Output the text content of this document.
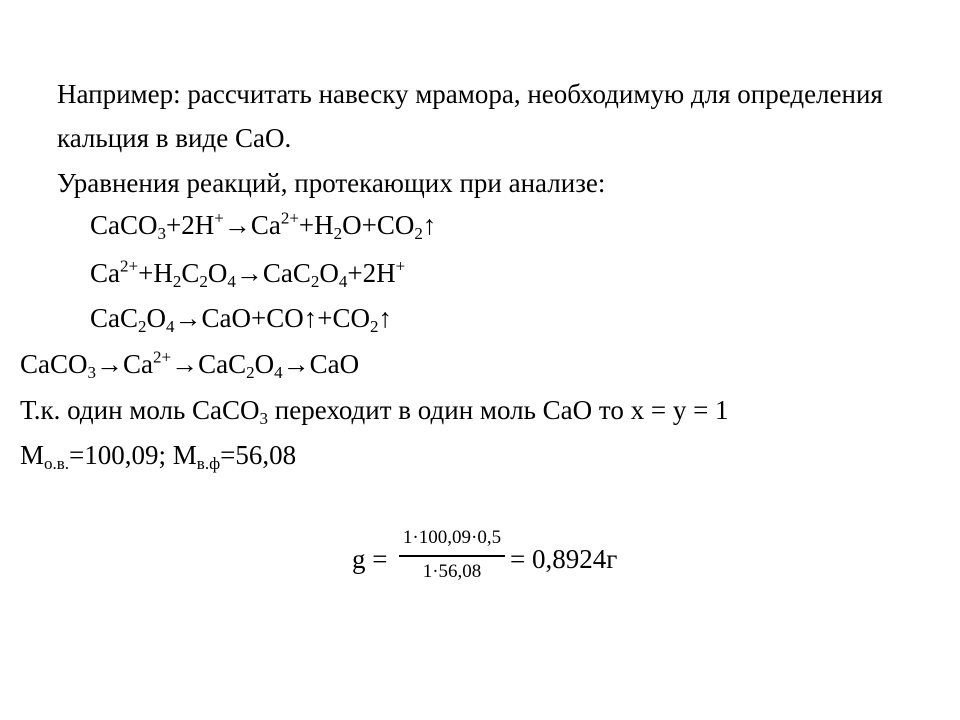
Например: рассчитать навеску мрамора, необходимую для определения
кальция в виде СаО.
Уравнения реакций, протекающих при анализе:
$CaCO_3+2H^+\to Ca^{2+}+H_2O+CO_2↑$
$Ca^{2+}+H_2C_2O_4\to CaC_2O_4+2H^+$
$CaC_2O_4\to CaO+CO↑+CO_2↑$
$CaCO_3\to Ca^{2+}\to CaC_2O_4\to CaO$
Т.к. один моль CaCO$_3$ переходит в один моль CaO то x = y = 1
$M_{о.в.}=100,09$; $M_{в.ф}=56,08$
g =
1·100,09·0,5
1·56,08	= 0,8924г
